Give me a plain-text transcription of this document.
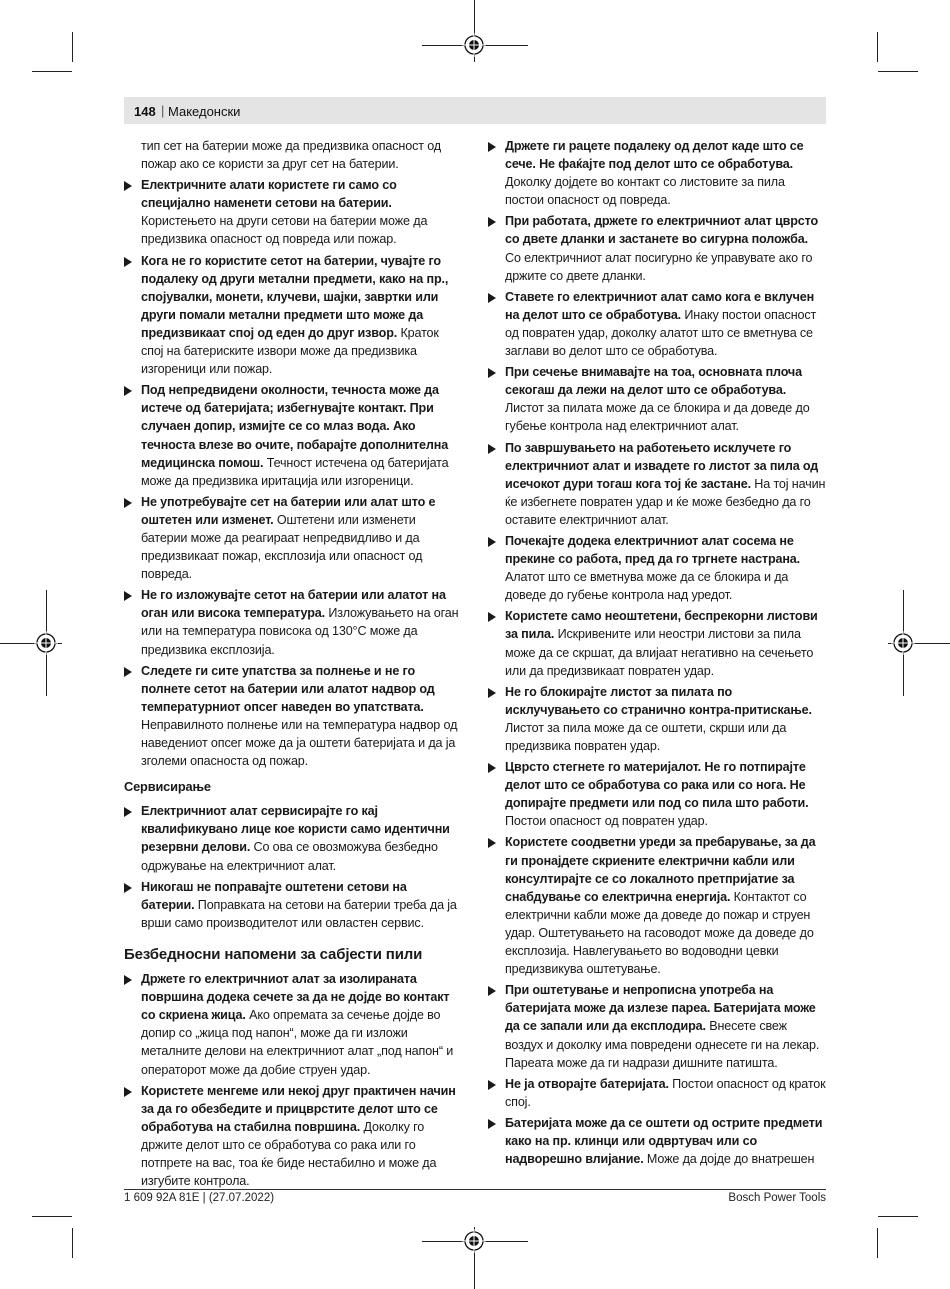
148 | Македонски
тип сет на батерии може да предизвика опасност од пожар ако се користи за друг сет на батерии.
Електричните алати користете ги само со специјално наменети сетови на батерии. Користењето на други сетови на батерии може да предизвика опасност од повреда или пожар.
Кога не го користите сетот на батерии, чувајте го подалеку од други метални предмети, како на пр., спојувалки, монети, клучеви, шајки, завртки или други помали метални предмети што може да предизвикаат спој од еден до друг извор. Краток спој на батериските извори може да предизвика изгореници или пожар.
Под непредвидени околности, течноста може да истече од батеријата; избегнувајте контакт. При случаен допир, измијте се со млаз вода. Ако течноста влезе во очите, побарајте дополнителна медицинска помош. Течност истечена од батеријата може да предизвика иритација или изгореници.
Не употребувајте сет на батерии или алат што е оштетен или изменет. Оштетени или изменети батерии може да реагираат непредвидливо и да предизвикаат пожар, експлозија или опасност од повреда.
Не го изложувајте сетот на батерии или алатот на оган или висока температура. Изложувањето на оган или на температура повисока од 130°C може да предизвика експлозија.
Следете ги сите упатства за полнење и не го полнете сетот на батерии или алатот надвор од температурниот опсег наведен во упатствата. Неправилното полнење или на температура надвор од наведениот опсег може да ја оштети батеријата и да ја зголеми опасноста од пожар.
Сервисирање
Електричниот алат сервисирајте го кај квалификувано лице кое користи само идентични резервни делови. Со ова се овозможува безбедно одржување на електричниот алат.
Никогаш не поправајте оштетени сетови на батерии. Поправката на сетови на батерии треба да ја врши само производителот или овластен сервис.
Безбедносни напомени за сабјести пили
Држете го електричниот алат за изолираната површина додека сечете за да не дојде во контакт со скриена жица. Ако опремата за сечење дојде во допир со „жица под напон“, може да ги изложи металните делови на електричниот алат „под напон“ и операторот може да добие струен удар.
Користете менгеме или некој друг практичен начин за да го обезбедите и прицврстите делот што се обработува на стабилна површина. Доколку го држите делот што се обработува со рака или го потпрете на вас, тоа ќе биде нестабилно и може да изгубите контрола.
Држете ги рацете подалеку од делот каде што се сече. Не фаќајте под делот што се обработува. Доколку дојдете во контакт со листовите за пила постои опасност од повреда.
При работата, држете го електричниот алат цврсто со двете дланки и застанете во сигурна положба. Со електричниот алат посигурно ќе управувате ако го држите со двете дланки.
Ставете го електричниот алат само кога е вклучен на делот што се обработува. Инаку постои опасност од повратен удар, доколку алатот што се вметнува се заглави во делот што се обработува.
При сечење внимавајте на тоа, основната плоча секогаш да лежи на делот што се обработува. Листот за пилата може да се блокира и да доведе до губење контрола над електричниот алат.
По завршувањето на работењето исклучете го електричниот алат и извадете го листот за пила од исечокот дури тогаш кога тој ќе застане. На тој начин ќе избегнете повратен удар и ќе може безбедно да го оставите електричниот алат.
Почекајте додека електричниот алат сосема не прекине со работа, пред да го тргнете настрана. Алатот што се вметнува може да се блокира и да доведе до губење контрола над уредот.
Користете само неоштетени, беспрекорни листови за пила. Искривените или неостри листови за пила може да се скршат, да влијаат негативно на сечењето или да предизвикаат повратен удар.
Не го блокирајте листот за пилата по исклучувањето со странично контра-притискање. Листот за пила може да се оштети, скрши или да предизвика повратен удар.
Цврсто стегнете го материјалот. Не го потпирајте делот што се обработува со рака или со нога. Не допирајте предмети или под со пила што работи. Постои опасност од повратен удар.
Користете соодветни уреди за пребарување, за да ги пронајдете скриените електрични кабли или консултирајте се со локалното претпријатие за снабдување со електрична енергија. Контактот со електрични кабли може да доведе до пожар и струен удар. Оштетувањето на гасоводот може да доведе до експлозија. Навлегувањето во водоводни цевки предизвикува оштетување.
При оштетување и непрописна употреба на батеријата може да излезе пареа. Батеријата може да се запали или да експлодира. Внесете свеж воздух и доколку има повредени однесете ги на лекар. Пареата може да ги надрази дишните патишта.
Не ја отворајте батеријата. Постои опасност од краток спој.
Батеријата може да се оштети од острите предмети како на пр. клинци или одвртувач или со надворешно влијание. Може да дојде до внатрешен
1 609 92A 81E | (27.07.2022)	Bosch Power Tools
